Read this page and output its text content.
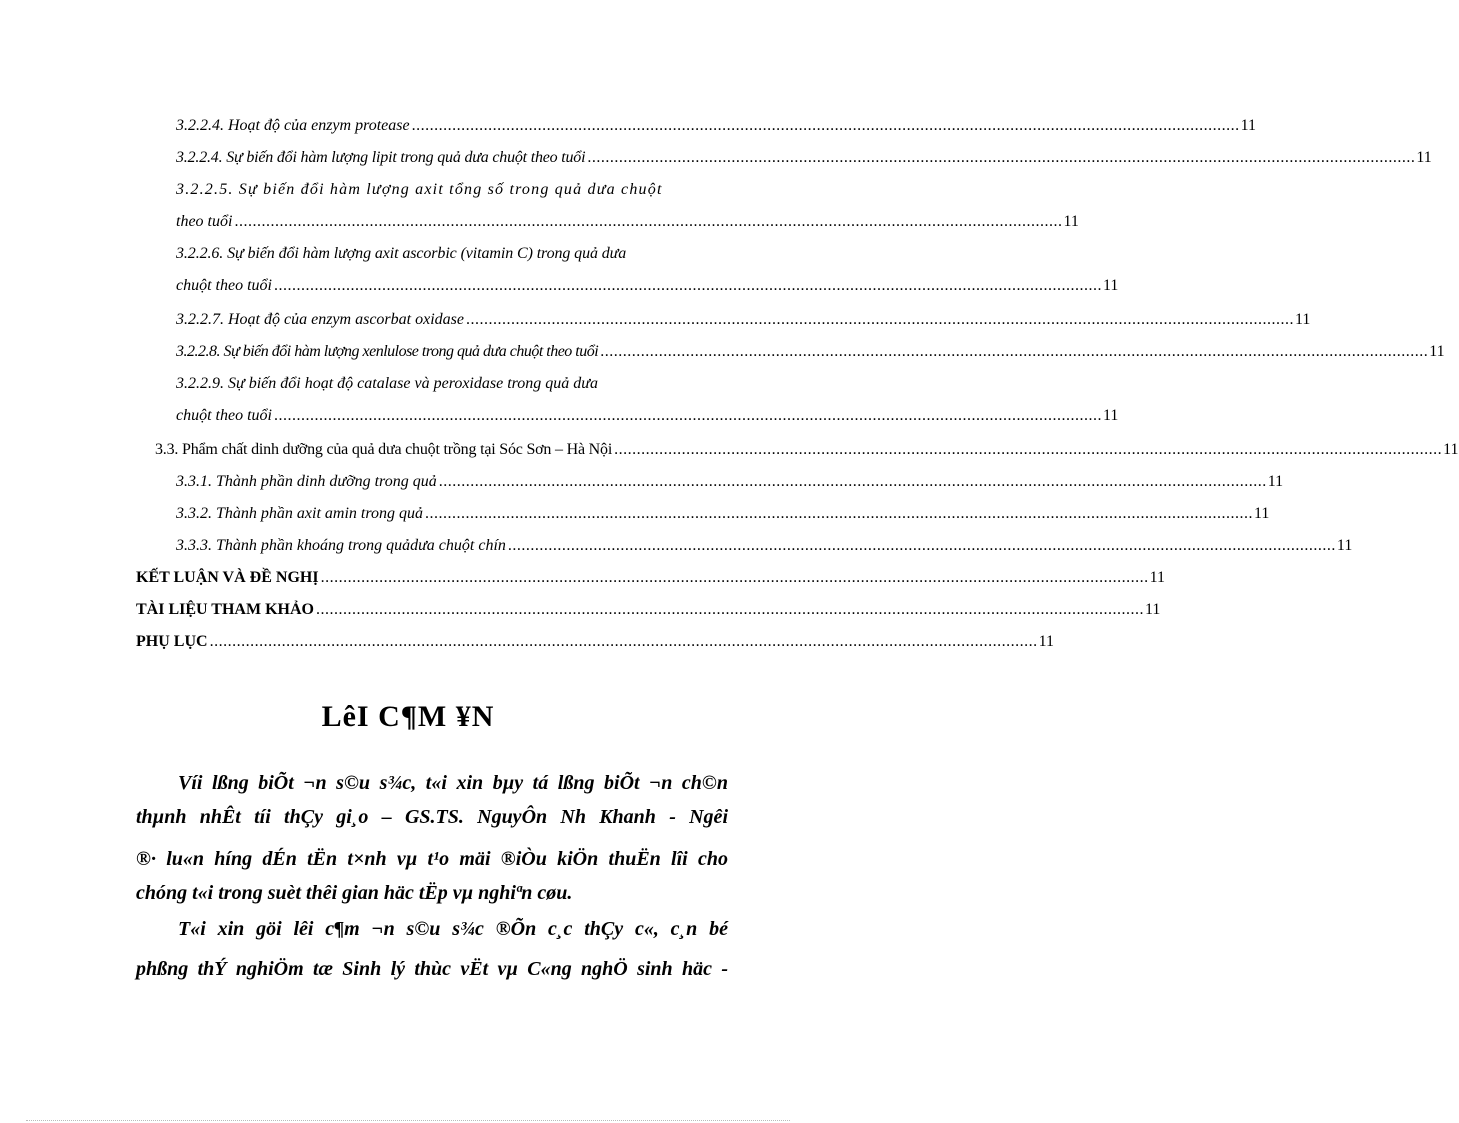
3.2.2.4. Hoạt độ của enzym protease ........................................................................................................................................................................................ 11
3.2.2.4. Sự biến đổi hàm lượng lipit trong quả dưa chuột theo tuổi ........................................................................................................................................................................................ 11
3.2.2.5. Sự biến đổi hàm lượng axit tổng số trong quả dưa chuột
theo tuổi ........................................................................................................................................................................................ 11
3.2.2.6. Sự biến đổi hàm lượng axit ascorbic (vitamin C) trong quả dưa
chuột theo tuổi ........................................................................................................................................................................................ 11
3.2.2.7. Hoạt độ của enzym ascorbat oxidase ........................................................................................................................................................................................ 11
3.2.2.8. Sự biến đổi hàm lượng xenlulose trong quả dưa chuột theo tuổi ........................................................................................................................................................................................ 11
3.2.2.9. Sự biến đổi hoạt độ catalase và peroxidase trong quả dưa
chuột theo tuổi ........................................................................................................................................................................................ 11
3.3. Phẩm chất dinh dưỡng của quả dưa chuột trồng tại Sóc Sơn – Hà Nội ........................................................................................................................................................................................ 11
3.3.1. Thành phần dinh dưỡng trong quả ........................................................................................................................................................................................ 11
3.3.2. Thành phần axit amin trong quả ........................................................................................................................................................................................ 11
3.3.3. Thành phần khoáng trong quảdưa chuột chín ........................................................................................................................................................................................ 11
KẾT LUẬN VÀ ĐỀ NGHỊ ........................................................................................................................................................................................ 11
TÀI LIỆU THAM KHẢO ........................................................................................................................................................................................ 11
PHỤ LỤC ........................................................................................................................................................................................ 11
LêI C¶M ¥N
Víi lßng biÕt ¬n s©u s¾c, t«i xin bµy tá lßng biÕt ¬n ch©n
thµnh nhÊt tíi thÇy gi¸o – GS.TS. NguyÔn Nh Khanh - Ngêi
®· lu«n híng dÉn tËn t×nh vµ t¹o mäi ®iÒu kiÖn thuËn lîi cho
chóng t«i trong suèt thêi gian häc tËp vµ nghiªn cøu.
T«i xin göi lêi c¶m ¬n s©u s¾c ®Õn c¸c thÇy c«, c¸n bé
phßng thÝ nghiÖm tæ Sinh lý thùc vËt vµ C«ng nghÖ sinh häc -
